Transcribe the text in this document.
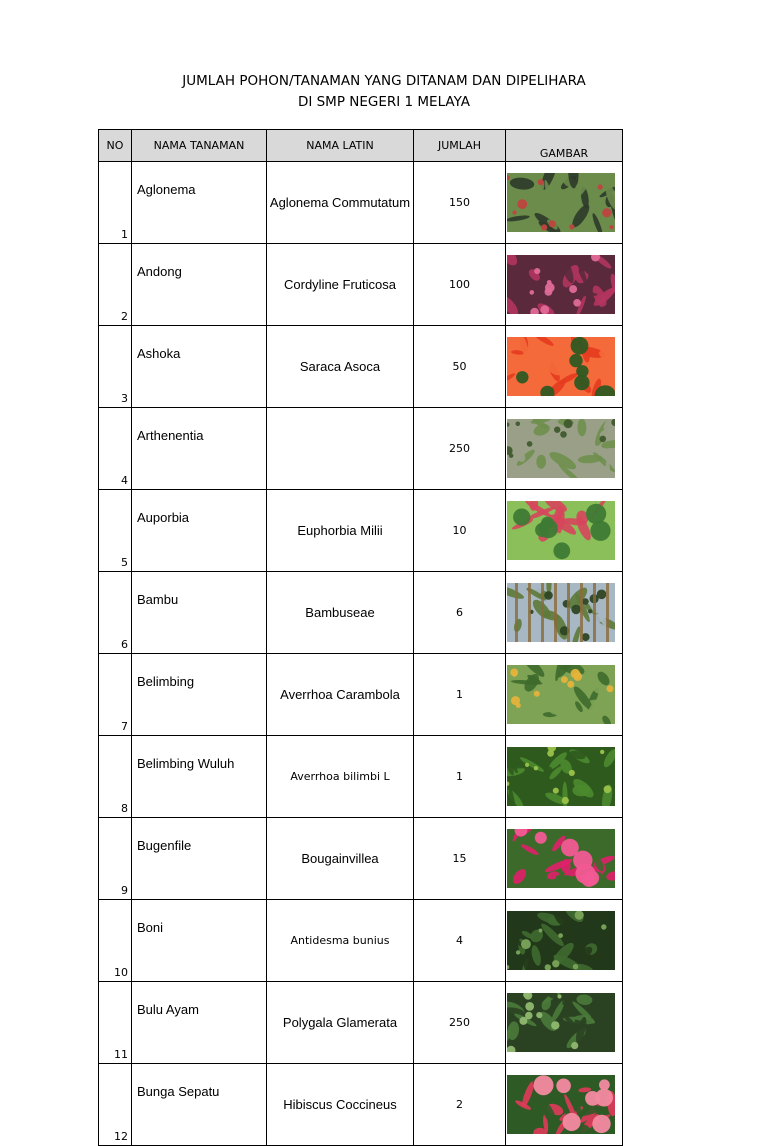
JUMLAH POHON/TANAMAN YANG DITANAM DAN DIPELIHARA
DI SMP NEGERI 1 MELAYA
NO	NAMA TANAMAN	NAMA LATIN	JUMLAH	GAMBAR
1	Aglonema	Aglonema Commutatum	150	

2	Andong	Cordyline Fruticosa	100	

3	Ashoka	Saraca Asoca	50	

4	Arthenentia		250	

5	Auporbia	Euphorbia Milii	10	

6	Bambu	Bambuseae	6	

7	Belimbing	Averrhoa Carambola	1	

8	Belimbing Wuluh	Averrhoa bilimbi L	1	

9	Bugenfile	Bougainvillea	15	

10	Boni	Antidesma bunius	4	

11	Bulu Ayam	Polygala Glamerata	250	

12	Bunga Sepatu	Hibiscus Coccineus	2	
